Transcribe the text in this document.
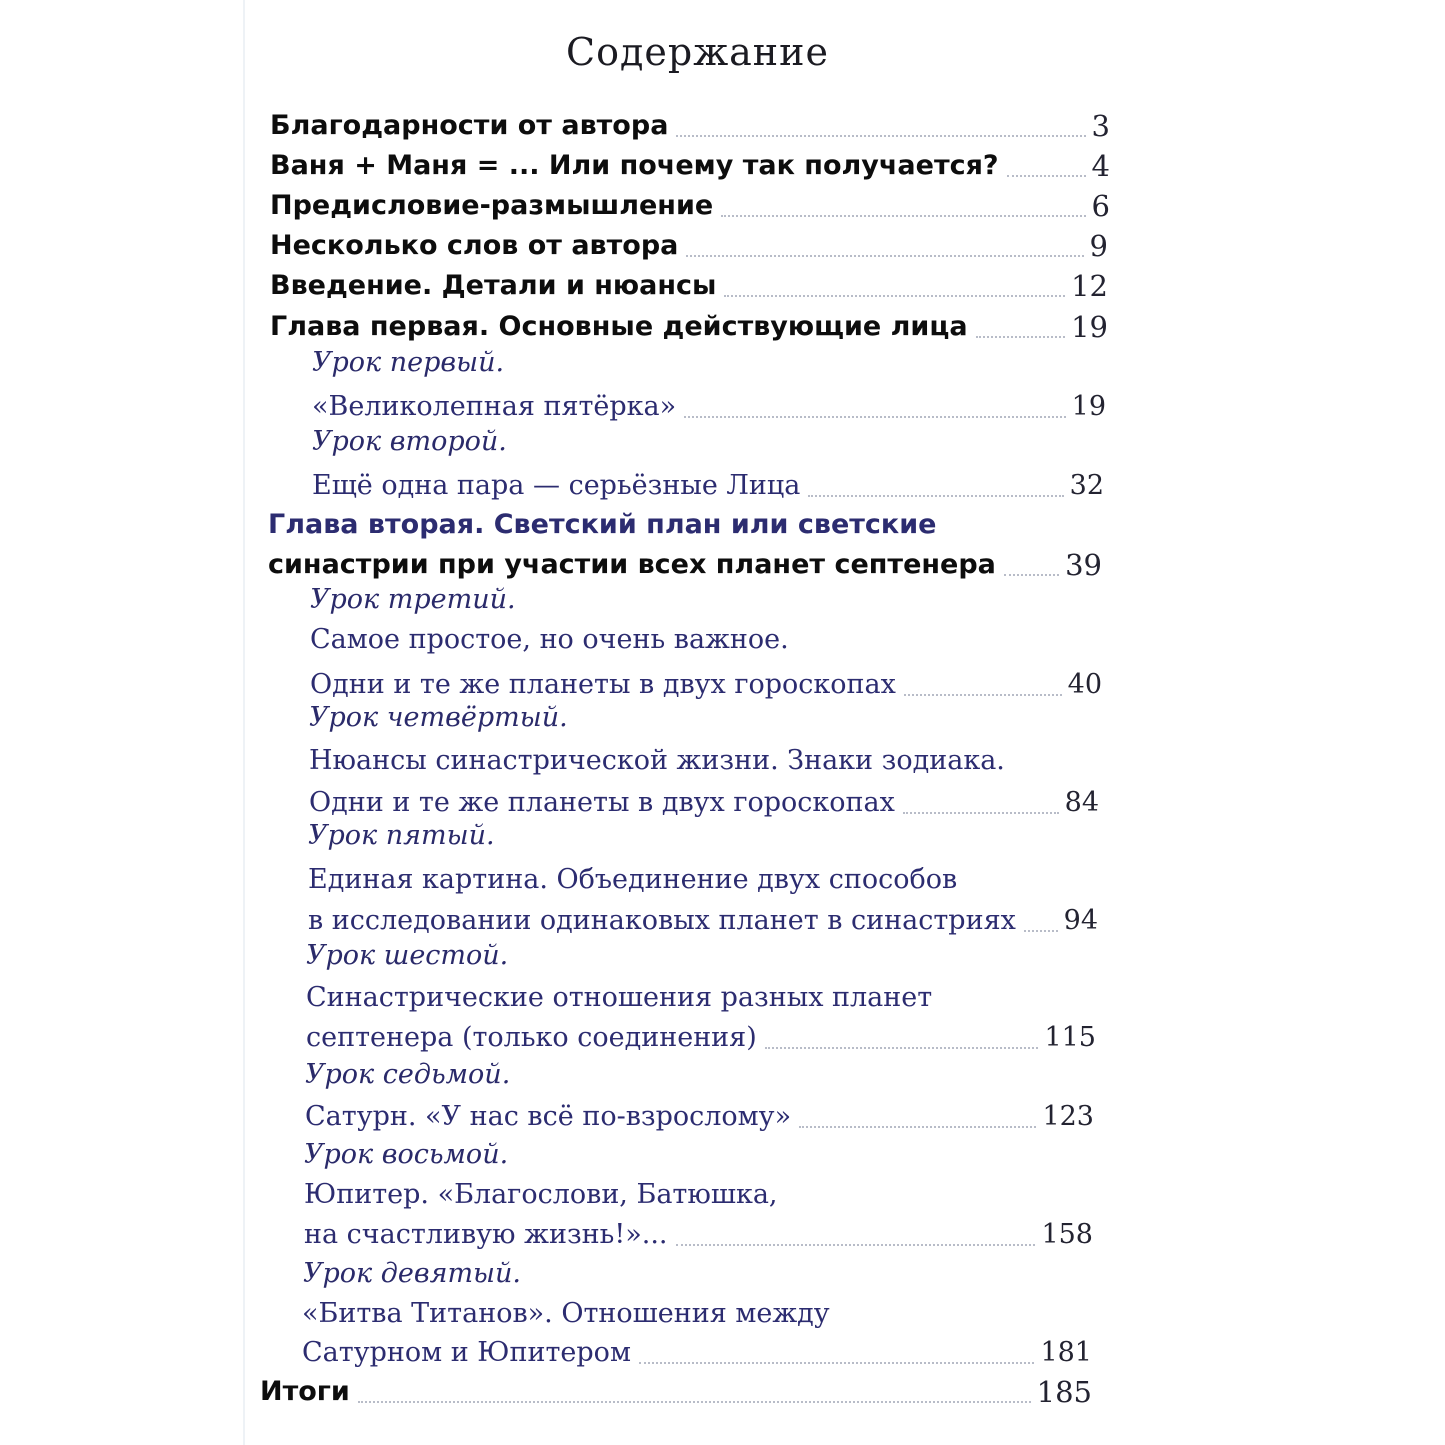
Содержание
Благодарности от автора	3
Ваня + Маня = ... Или почему так получается?	4
Предисловие-размышление	6
Несколько слов от автора	9
Введение. Детали и нюансы	12
Глава первая. Основные действующие лица	19
Урок первый.
«Великолепная пятёрка»	19
Урок второй.
Ещё одна пара — серьёзные Лица	32
Глава вторая. Светский план или светские
синастрии при участии всех планет септенера 39
Урок третий.
Самое простое, но очень важное.
Одни и те же планеты в двух гороскопах	40
Урок четвёртый.
Нюансы синастрической жизни. Знаки зодиака.
Одни и те же планеты в двух гороскопах	84
Урок пятый.
Единая картина. Объединение двух способов
в исследовании одинаковых планет в синастриях 94
Урок шестой.
Синастрические отношения разных планет
септенера (только соединения)	115
Урок седьмой.
Сатурн. «У нас всё по-взрослому»	123
Урок восьмой.
Юпитер. «Благослови, Батюшка,
на счастливую жизнь!»...	158
Урок девятый.
«Битва Титанов». Отношения между
Сатурном и Юпитером	181
Итоги	185
